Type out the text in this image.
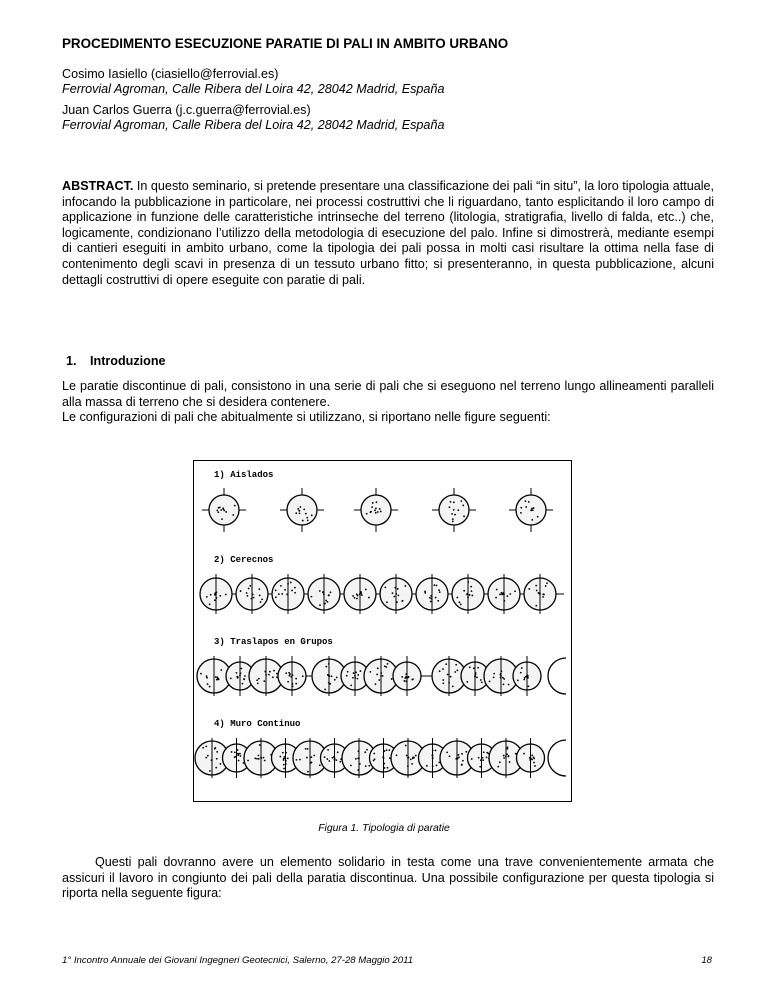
PROCEDIMENTO ESECUZIONE PARATIE DI PALI IN AMBITO URBANO
Cosimo Iasiello (ciasiello@ferrovial.es)
Ferrovial Agroman, Calle Ribera del Loira 42, 28042 Madrid, España
Juan Carlos Guerra (j.c.guerra@ferrovial.es)
Ferrovial Agroman, Calle Ribera del Loira 42, 28042 Madrid, España
ABSTRACT. In questo seminario, si pretende presentare una classificazione dei pali “in situ”, la loro tipologia attuale, infocando la pubblicazione in particolare, nei processi costruttivi che li riguardano, tanto esplicitando il loro campo di applicazione in funzione delle caratteristiche intrinseche del terreno (litologia, stratigrafia, livello di falda, etc..) che, logicamente, condizionano l’utilizzo della metodologia di esecuzione del palo. Infine si dimostrerà, mediante esempi di cantieri eseguiti in ambito urbano, come la tipologia dei pali possa in molti casi risultare la ottima nella fase di contenimento degli scavi in presenza di un tessuto urbano fitto; si presenteranno, in questa pubblicazione, alcuni dettagli costruttivi di opere eseguite con paratie di pali.
1. Introduzione
Le paratie discontinue di pali, consistono in una serie di pali che si eseguono nel terreno lungo allineamenti paralleli alla massa di terreno che si desidera contenere.
Le configurazioni di pali che abitualmente si utilizzano, si riportano nelle figure seguenti:
1) Aislados
2) Cerecnos
3) Traslapos en Grupos
4) Muro Continuo
Figura 1. Tipologia di paratie
Questi pali dovranno avere un elemento solidario in testa come una trave convenientemente armata che assicuri il lavoro in congiunto dei pali della paratia discontinua. Una possibile configurazione per questa tipologia si riporta nella seguente figura:
1° Incontro Annuale dei Giovani Ingegneri Geotecnici, Salerno, 27-28 Maggio 2011	18
